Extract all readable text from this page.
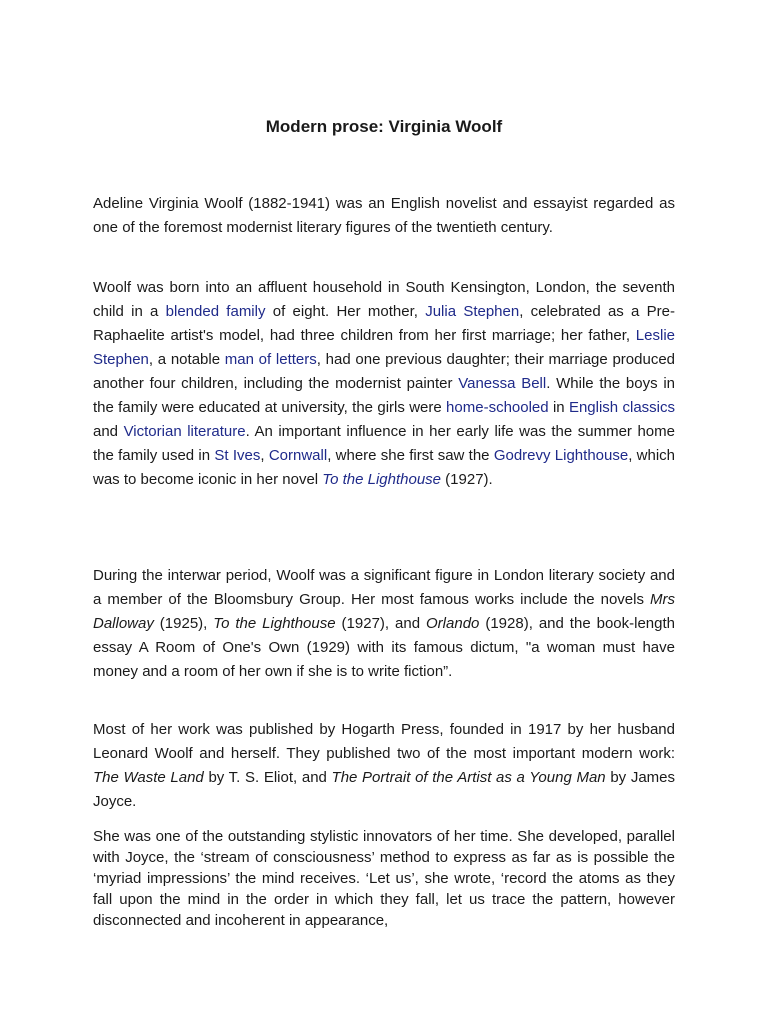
Modern prose: Virginia Woolf

Adeline Virginia Woolf (1882-1941) was an English novelist and essayist regarded as one of the foremost modernist literary figures of the twentieth century.

Woolf was born into an affluent household in South Kensington, London, the seventh child in a blended family of eight. Her mother, Julia Stephen, celebrated as a Pre-Raphaelite artist's model, had three children from her first marriage; her father, Leslie Stephen, a notable man of letters, had one previous daughter; their marriage produced another four children, including the modernist painter Vanessa Bell. While the boys in the family were educated at university, the girls were home-schooled in English classics and Victorian literature. An important influence in her early life was the summer home the family used in St Ives, Cornwall, where she first saw the Godrevy Lighthouse, which was to become iconic in her novel To the Lighthouse (1927).

During the interwar period, Woolf was a significant figure in London literary society and a member of the Bloomsbury Group. Her most famous works include the novels Mrs Dalloway (1925), To the Lighthouse (1927), and Orlando (1928), and the book-length essay A Room of One's Own (1929) with its famous dictum, "a woman must have money and a room of her own if she is to write fiction”.

Most of her work was published by Hogarth Press, founded in 1917 by her husband Leonard Woolf and herself. They published two of the most important modern work: The Waste Land by T. S. Eliot, and The Portrait of the Artist as a Young Man by James Joyce.

She was one of the outstanding stylistic innovators of her time. She developed, parallel with Joyce, the ‘stream of consciousness’ method to express as far as is possible the ‘myriad impressions’ the mind receives. ‘Let us’, she wrote, ‘record the atoms as they fall upon the mind in the order in which they fall, let us trace the pattern, however disconnected and incoherent in appearance,
